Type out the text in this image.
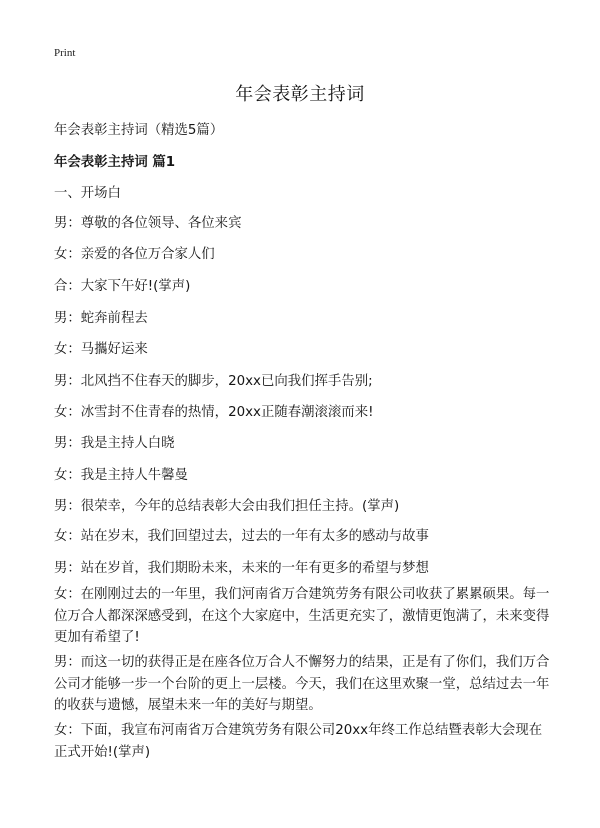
Print
年会表彰主持词
年会表彰主持词（精选5篇）
年会表彰主持词 篇1
一、开场白
男：尊敬的各位领导、各位来宾
女：亲爱的各位万合家人们
合：大家下午好!(掌声)
男：蛇奔前程去
女：马攜好运来
男：北风挡不住春天的脚步，20xx已向我们挥手告别;
女：冰雪封不住青春的热情，20xx正随春潮滚滚而来!
男：我是主持人白晓
女：我是主持人牛馨曼
男：很荣幸，今年的总结表彰大会由我们担任主持。(掌声)
女：站在岁末，我们回望过去，过去的一年有太多的感动与故事
男：站在岁首，我们期盼未来，未来的一年有更多的希望与梦想
女：在刚刚过去的一年里，我们河南省万合建筑劳务有限公司收获了累累硕果。每一位万合人都深深感受到，在这个大家庭中，生活更充实了，激情更饱满了，未来变得更加有希望了!
男：而这一切的获得正是在座各位万合人不懈努力的结果，正是有了你们，我们万合公司才能够一步一个台阶的更上一层楼。今天，我们在这里欢聚一堂，总结过去一年的收获与遗憾，展望未来一年的美好与期望。
女：下面，我宣布河南省万合建筑劳务有限公司20xx年终工作总结暨表彰大会现在正式开始!(掌声)
